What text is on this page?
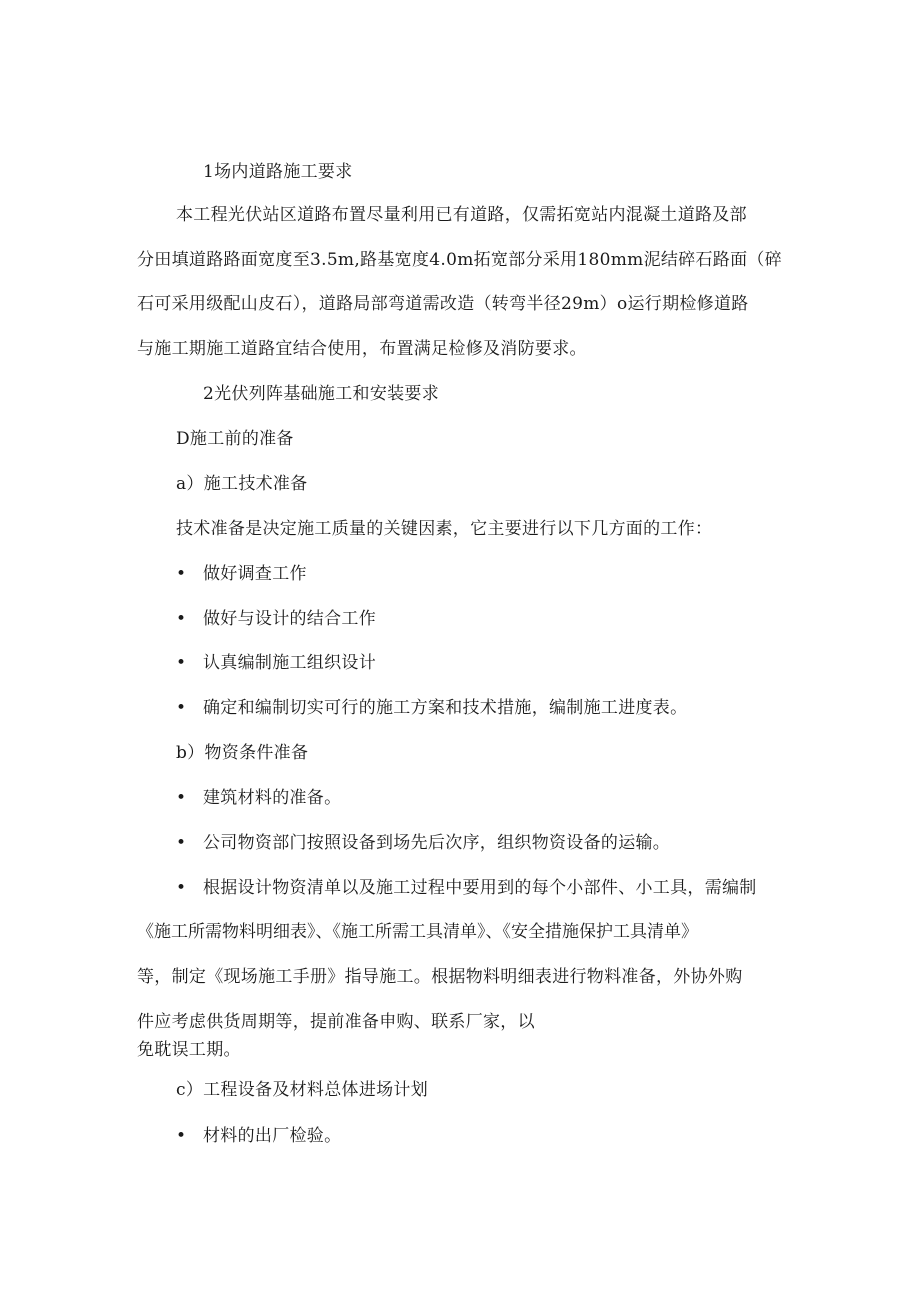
1场内道路施工要求
本工程光伏站区道路布置尽量利用已有道路，仅需拓宽站内混凝土道路及部
分田填道路路面宽度至3.5m,路基宽度4.0m拓宽部分采用180mm泥结碎石路面（碎
石可采用级配山皮石），道路局部弯道需改造（转弯半径29m）o运行期检修道路
与施工期施工道路宜结合使用，布置满足检修及消防要求。
2光伏列阵基础施工和安装要求
D施工前的准备
a）施工技术准备
技术准备是决定施工质量的关键因素，它主要进行以下几方面的工作：
• 做好调查工作
• 做好与设计的结合工作
• 认真编制施工组织设计
• 确定和编制切实可行的施工方案和技术措施，编制施工进度表。
b）物资条件准备
• 建筑材料的准备。
• 公司物资部门按照设备到场先后次序，组织物资设备的运输。
• 根据设计物资清单以及施工过程中要用到的每个小部件、小工具，需编制
《施工所需物料明细表》、《施工所需工具清单》、《安全措施保护工具清单》
等，制定《现场施工手册》指导施工。根据物料明细表进行物料准备，外协外购
件应考虑供货周期等，提前准备申购、联系厂家，以
免耽误工期。
c）工程设备及材料总体进场计划
• 材料的出厂检验。
